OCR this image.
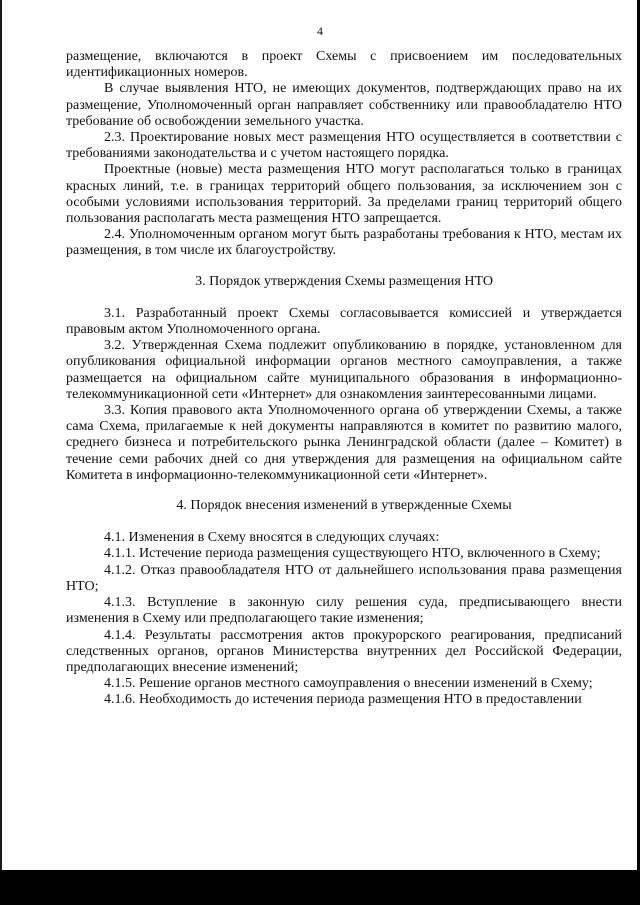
4

размещение, включаются в проект Схемы с присвоением им последовательных идентификационных номеров.

В случае выявления НТО, не имеющих документов, подтверждающих право на их размещение, Уполномоченный орган направляет собственнику или правообладателю НТО требование об освобождении земельного участка.

2.3. Проектирование новых мест размещения НТО осуществляется в соответствии с требованиями законодательства и с учетом настоящего порядка.

Проектные (новые) места размещения НТО могут располагаться только в границах красных линий, т.е. в границах территорий общего пользования, за исключением зон с особыми условиями использования территорий. За пределами границ территорий общего пользования располагать места размещения НТО запрещается.

2.4. Уполномоченным органом могут быть разработаны требования к НТО, местам их размещения, в том числе их благоустройству.

3. Порядок утверждения Схемы размещения НТО

3.1. Разработанный проект Схемы согласовывается комиссией и утверждается правовым актом Уполномоченного органа.

3.2. Утвержденная Схема подлежит опубликованию в порядке, установленном для опубликования официальной информации органов местного самоуправления, а также размещается на официальном сайте муниципального образования в информационно-телекоммуникационной сети «Интернет» для ознакомления заинтересованными лицами.

3.3. Копия правового акта Уполномоченного органа об утверждении Схемы, а также сама Схема, прилагаемые к ней документы направляются в комитет по развитию малого, среднего бизнеса и потребительского рынка Ленинградской области (далее – Комитет) в течение семи рабочих дней со дня утверждения для размещения на официальном сайте Комитета в информационно-телекоммуникационной сети «Интернет».

4. Порядок внесения изменений в утвержденные Схемы

4.1. Изменения в Схему вносятся в следующих случаях:

4.1.1. Истечение периода размещения существующего НТО, включенного в Схему;

4.1.2. Отказ правообладателя НТО от дальнейшего использования права размещения НТО;

4.1.3. Вступление в законную силу решения суда, предписывающего внести изменения в Схему или предполагающего такие изменения;

4.1.4. Результаты рассмотрения актов прокурорского реагирования, предписаний следственных органов, органов Министерства внутренних дел Российской Федерации, предполагающих внесение изменений;

4.1.5. Решение органов местного самоуправления о внесении изменений в Схему;

4.1.6. Необходимость до истечения периода размещения НТО в предоставлении
